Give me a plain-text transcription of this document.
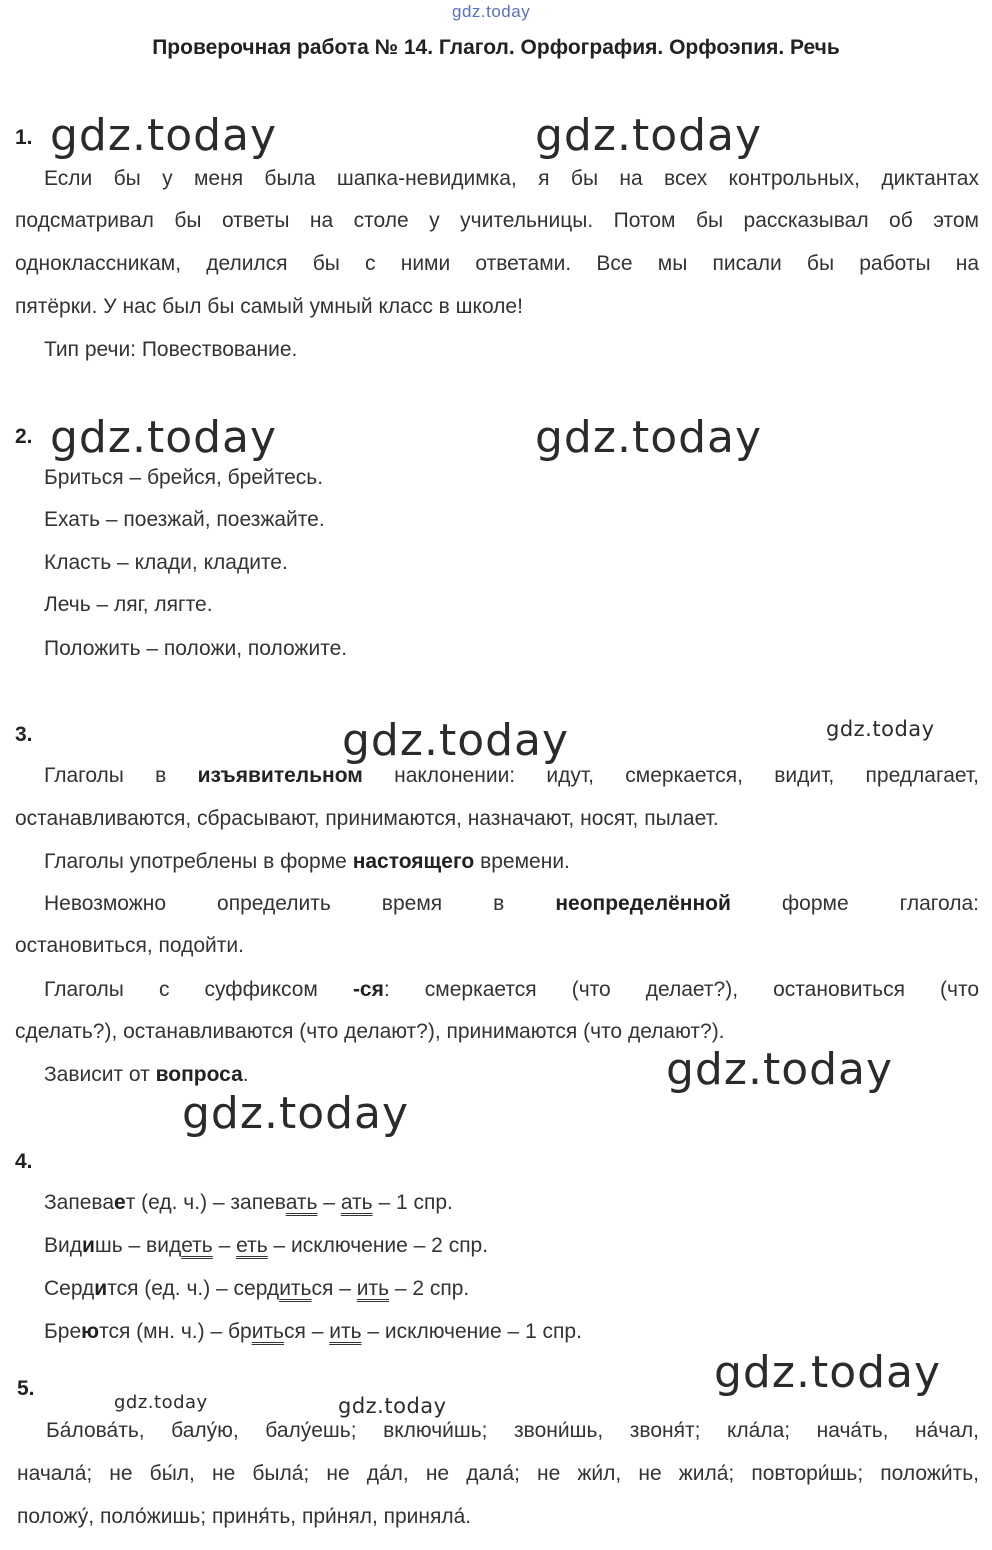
gdz.today
Проверочная работа № 14. Глагол. Орфография. Орфоэпия. Речь
1. gdz.today	gdz.today
Если бы у меня была шапка-невидимка, я бы на всех контрольных, диктантах
подсматривал бы ответы на столе у учительницы. Потом бы рассказывал об этом
одноклассникам, делился бы с ними ответами. Все мы писали бы работы на
пятёрки. У нас был бы самый умный класс в школе!
Тип речи: Повествование.
2. gdz.today	gdz.today
Бриться – брейся, брейтесь.
Ехать – поезжай, поезжайте.
Класть – клади, кладите.
Лечь – ляг, лягте.
Положить – положи, положите.
3.	gdz.today	gdz.today
Глаголы в изъявительном наклонении: идут, смеркается, видит, предлагает,
останавливаются, сбрасывают, принимаются, назначают, носят, пылает.
Глаголы употреблены в форме настоящего времени.
Невозможно определить время в неопределённой форме глагола:
остановиться, подойти.
Глаголы с суффиксом -ся: смеркается (что делает?), остановиться (что
сделать?), останавливаются (что делают?), принимаются (что делают?).
Зависит от вопроса.	gdz.today
gdz.today
4.
Запевает (ед. ч.) – запевать – ать – 1 спр.
Видишь – видеть – еть – исключение – 2 спр.
Сердится (ед. ч.) – сердиться – ить – 2 спр.
Бреются (мн. ч.) – бриться – ить – исключение – 1 спр.
gdz.today
5.
gdz.today	gdz.today
Ба́лова́ть, балу́ю, балу́ешь; включи́шь; звони́шь, звоня́т; кла́ла; нача́ть, на́чал,
начала́; не бы́л, не была́; не да́л, не дала́; не жи́л, не жила́; повтори́шь; положи́ть,
положу́, поло́жишь; приня́ть, при́нял, приняла́.
